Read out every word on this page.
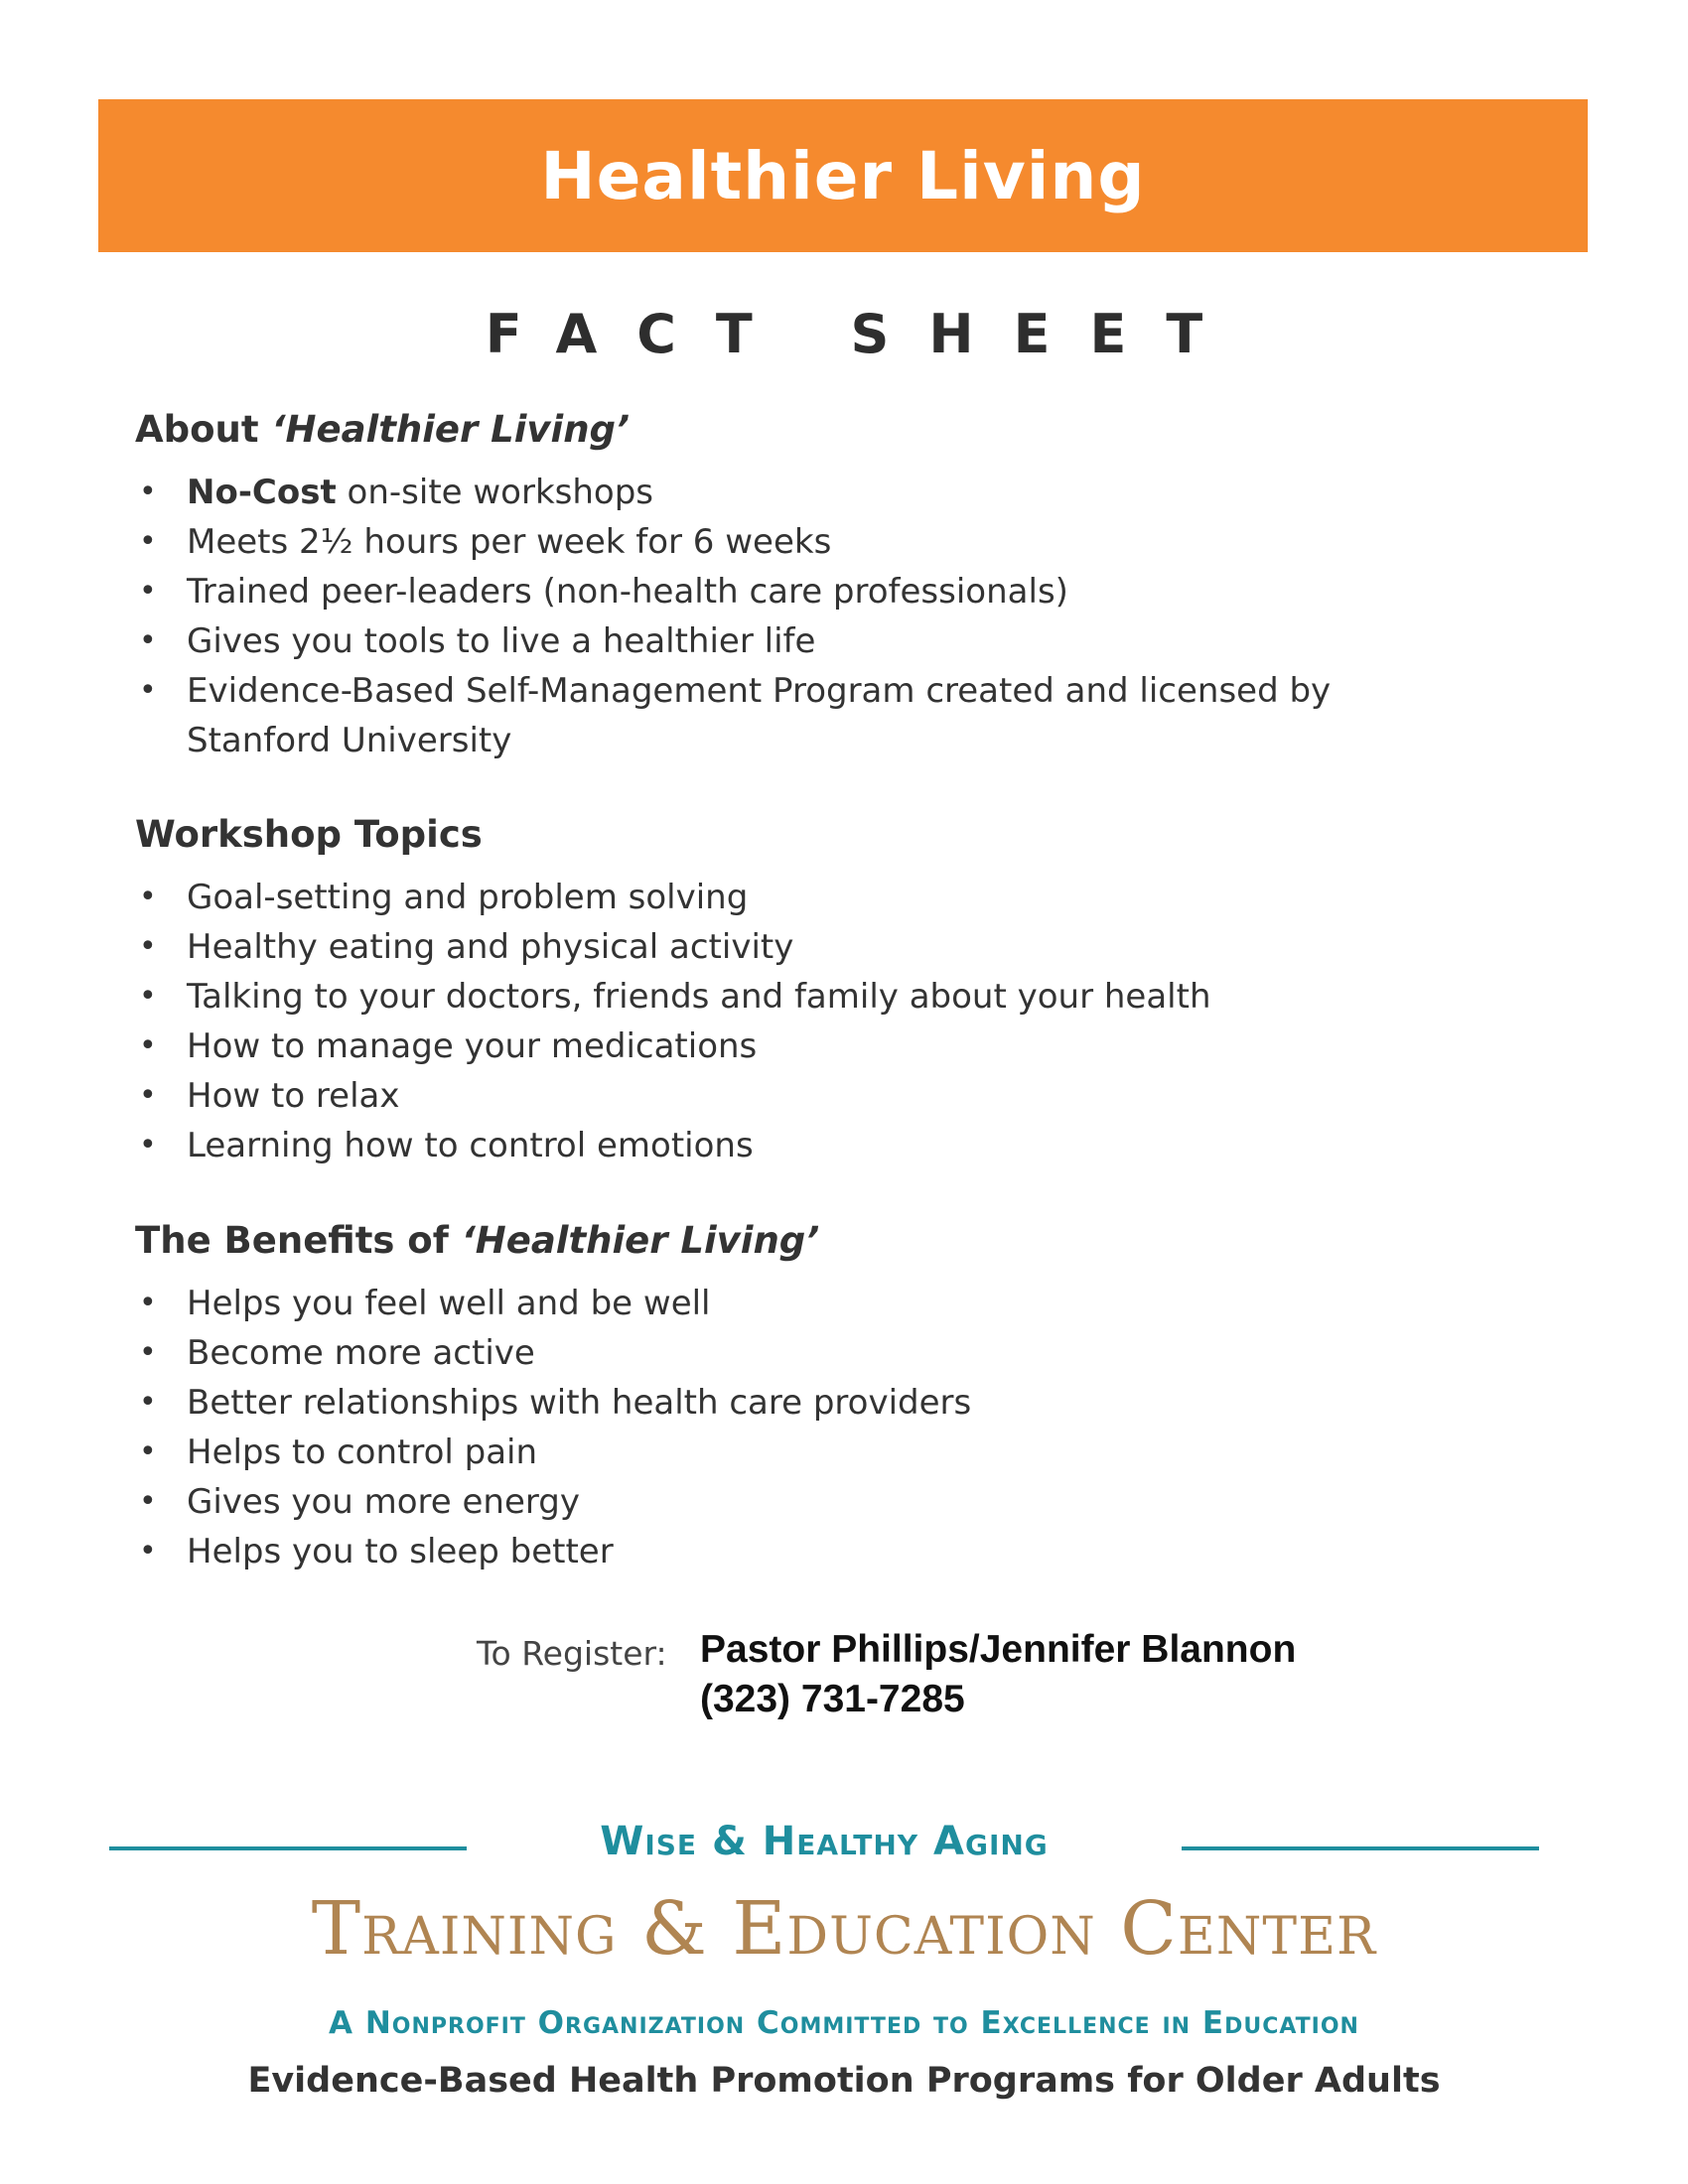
Healthier Living
FACT SHEET
About ‘Healthier Living’
• No-Cost on-site workshops
• Meets 2½ hours per week for 6 weeks
• Trained peer-leaders (non-health care professionals)
• Gives you tools to live a healthier life
• Evidence-Based Self-Management Program created and licensed by Stanford University
Workshop Topics
• Goal-setting and problem solving
• Healthy eating and physical activity
• Talking to your doctors, friends and family about your health
• How to manage your medications
• How to relax
• Learning how to control emotions
The Benefits of ‘Healthier Living’
• Helps you feel well and be well
• Become more active
• Better relationships with health care providers
• Helps to control pain
• Gives you more energy
• Helps you to sleep better
To Register: Pastor Phillips/Jennifer Blannon
(323) 731-7285
Wise & Healthy Aging
Training & Education Center
A Nonprofit Organization Committed to Excellence in Education
Evidence-Based Health Promotion Programs for Older Adults
